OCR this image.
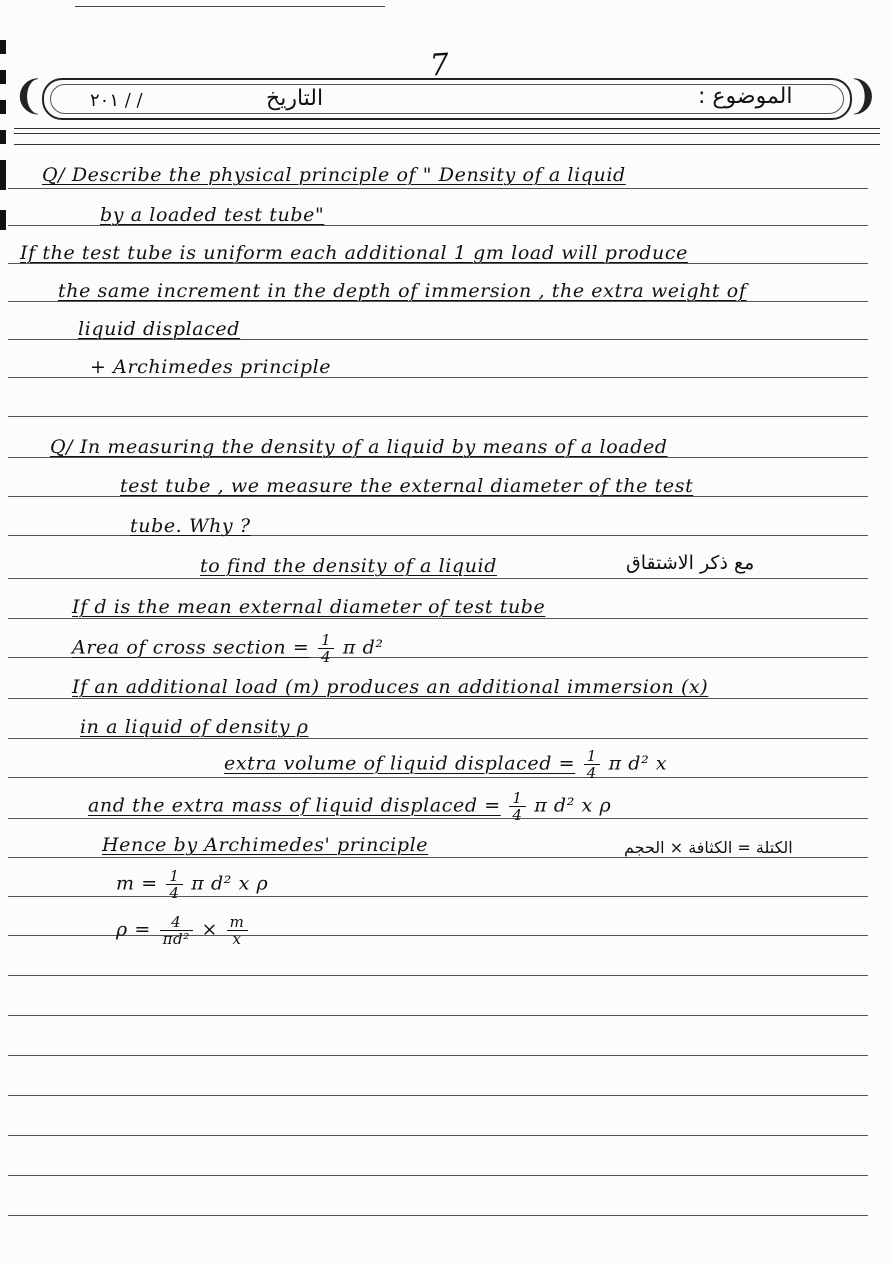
7
❨	❩
٢٠١ / /	التاريخ	الموضوع :
Q/ Describe the physical principle of " Density of a liquid
by a loaded test tube"
If the test tube is uniform each additional 1 gm load will produce
the same increment in the depth of immersion , the extra weight of
liquid displaced
+ Archimedes principle
Q/ In measuring the density of a liquid by means of a loaded
test tube , we measure the external diameter of the test
tube. Why ?
to find the density of a liquid	مع ذكر الاشتقاق
If d is the mean external diameter of test tube
Area of cross section = $\frac{1}{4}$ π d²
If an additional load (m) produces an additional immersion (x)
in a liquid of density ρ
extra volume of liquid displaced = $\frac{1}{4}$ π d² x
and the extra mass of liquid displaced = $\frac{1}{4}$ π d² x ρ
Hence by Archimedes' principle	الكتلة = الكثافة × الحجم
$m = \frac{1}{4}$ π d² x ρ
$\rho = \frac{4}{\text{πd²}} \times \frac{m}{x}$
